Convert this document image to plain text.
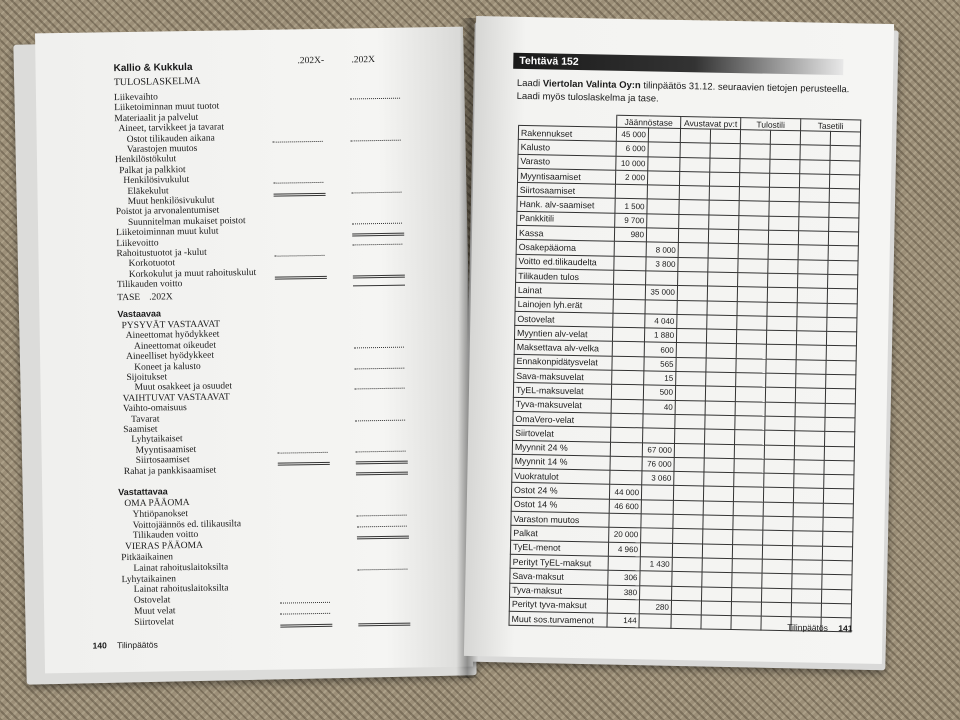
Kallio & Kukkula
.202X-	.202X
TULOSLASKELMA
Liikevaihto
Liiketoiminnan muut tuotot
Materiaalit ja palvelut
Aineet, tarvikkeet ja tavarat
Ostot tilikauden aikana
Varastojen muutos
Henkilöstökulut
Palkat ja palkkiot
Henkilösivukulut
Eläkekulut
Muut henkilösivukulut
Poistot ja arvonalentumiset
Suunnitelman mukaiset poistot
Liiketoiminnan muut kulut
Liikevoitto
Rahoitustuotot ja -kulut
Korkotuotot
Korkokulut ja muut rahoituskulut
Tilikauden voitto
TASE .202X
Vastaavaa
PYSYVÄT VASTAAVAT
Aineettomat hyödykkeet
Aineettomat oikeudet
Aineelliset hyödykkeet
Koneet ja kalusto
Sijoitukset
Muut osakkeet ja osuudet
VAIHTUVAT VASTAAVAT
Vaihto-omaisuus
Tavarat
Saamiset
Lyhytaikaiset
Myyntisaamiset
Siirtosaamiset
Rahat ja pankkisaamiset
Vastattavaa
OMA PÄÄOMA
Yhtiöpanokset
Voittojäännös ed. tilikausilta
Tilikauden voitto
VIERAS PÄÄOMA
Pitkäaikainen
Lainat rahoituslaitoksilta
Lyhytaikainen
Lainat rahoituslaitoksilta
Ostovelat
Muut velat
Siirtovelat
140 Tilinpäätös
Tehtävä 152
Laadi Viertolan Valinta Oy:n tilinpäätös 31.12. seuraavien tietojen perusteella.
Laadi myös tuloslaskelma ja tase.
	Jäännöstase		Avustavat pv:t		Tulostili		Tasetili	
Rakennukset	45 000							
Kalusto	6 000							
Varasto	10 000							
Myyntisaamiset	2 000							
Siirtosaamiset								
Hank. alv-saamiset	1 500							
Pankkitili	9 700							
Kassa	980							
Osakepääoma		8 000						
Voitto ed.tilikaudelta		3 800						
Tilikauden tulos								
Lainat		35 000						
Lainojen lyh.erät								
Ostovelat		4 040						
Myyntien alv-velat		1 880						
Maksettava alv-velka		600						
Ennakonpidätysvelat		565						
Sava-maksuvelat		15						
TyEL-maksuvelat		500						
Tyva-maksuvelat		40						
OmaVero-velat								
Siirtovelat								
Myynnit 24 %		67 000						
Myynnit 14 %		76 000						
Vuokratulot		3 060						
Ostot 24 %	44 000							
Ostot 14 %	46 600							
Varaston muutos								
Palkat	20 000							
TyEL-menot	4 960							
Perityt TyEL-maksut		1 430						
Sava-maksut	306							
Tyva-maksut	380							
Perityt tyva-maksut		280						
Muut sos.turvamenot	144							
Tilinpäätös 141
